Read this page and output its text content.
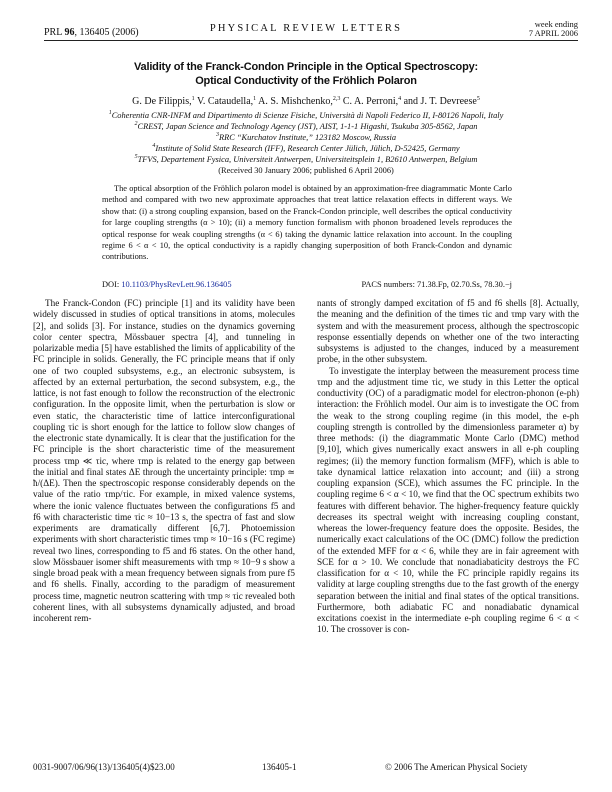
PRL 96, 136405 (2006)	PHYSICAL REVIEW LETTERS	week ending
7 APRIL 2006
Validity of the Franck-Condon Principle in the Optical Spectroscopy:
Optical Conductivity of the Fröhlich Polaron
G. De Filippis,$^1$ V. Cataudella,$^1$ A. S. Mishchenko,$^{2,3}$ C. A. Perroni,$^4$ and J. T. Devreese$^5$
$^1$Coherentia CNR-INFM and Dipartimento di Scienze Fisiche, Università di Napoli Federico II, I-80126 Napoli, Italy
$^2$CREST, Japan Science and Technology Agency (JST), AIST, 1-1-1 Higashi, Tsukuba 305-8562, Japan
$^3$RRC “Kurchatov Institute,” 123182 Moscow, Russia
$^4$Institute of Solid State Research (IFF), Research Center Jülich, Jülich, D-52425, Germany
$^5$TFVS, Departement Fysica, Universiteit Antwerpen, Universiteitsplein 1, B2610 Antwerpen, Belgium
(Received 30 January 2006; published 6 April 2006)

The optical absorption of the Fröhlich polaron model is obtained by an approximation-free diagrammatic Monte Carlo method and compared with two new approximate approaches that treat lattice relaxation effects in different ways. We show that: (i) a strong coupling expansion, based on the Franck-Condon principle, well describes the optical conductivity for large coupling strengths (α > 10); (ii) a memory function formalism with phonon broadened levels reproduces the optical response for weak coupling strengths (α < 6) taking the dynamic lattice relaxation into account. In the coupling regime 6 < α < 10, the optical conductivity is a rapidly changing superposition of both Franck-Condon and dynamic contributions.

DOI: 10.1103/PhysRevLett.96.136405	PACS numbers: 71.38.Fp, 02.70.Ss, 78.30.−j

The Franck-Condon (FC) principle [1] and its validity have been widely discussed in studies of optical transitions in atoms, molecules [2], and solids [3]. For instance, studies on the dynamics governing color center spectra, Mössbauer spectra [4], and tunneling in polarizable media [5] have established the limits of applicability of the FC principle in solids. Generally, the FC principle means that if only one of two coupled subsystems, e.g., an electronic subsystem, is affected by an external perturbation, the second subsystem, e.g., the lattice, is not fast enough to follow the reconstruction of the electronic configuration. In the opposite limit, when the perturbation is slow or even static, the characteristic time of lattice interconfigurational coupling τic is short enough for the lattice to follow slow changes of the electronic state dynamically. It is clear that the justification for the FC principle is the short characteristic time of the measurement process τmp ≪ τic, where τmp is related to the energy gap between the initial and final states ΔE through the uncertainty principle: τmp ≃ ħ/(ΔE). Then the spectroscopic response considerably depends on the value of the ratio τmp/τic. For example, in mixed valence systems, where the ionic valence fluctuates between the configurations f5 and f6 with characteristic time τic ≈ 10−13 s, the spectra of fast and slow experiments are dramatically different [6,7]. Photoemission experiments with short characteristic times τmp ≈ 10−16 s (FC regime) reveal two lines, corresponding to f5 and f6 states. On the other hand, slow Mössbauer isomer shift measurements with τmp ≈ 10−9 s show a single broad peak with a mean frequency between signals from pure f5 and f6 shells. Finally, according to the paradigm of measurement process time, magnetic neutron scattering with τmp ≈ τic revealed both coherent lines, with all subsystems dynamically adjusted, and broad incoherent rem-

nants of strongly damped excitation of f5 and f6 shells [8]. Actually, the meaning and the definition of the times τic and τmp vary with the system and with the measurement process, although the spectroscopic response essentially depends on whether one of the two interacting subsystems is adjusted to the changes, induced by a measurement probe, in the other subsystem.

To investigate the interplay between the measurement process time τmp and the adjustment time τic, we study in this Letter the optical conductivity (OC) of a paradigmatic model for electron-phonon (e-ph) interaction: the Fröhlich model. Our aim is to investigate the OC from the weak to the strong coupling regime (in this model, the e-ph coupling strength is controlled by the dimensionless parameter α) by three methods: (i) the diagrammatic Monte Carlo (DMC) method [9,10], which gives numerically exact answers in all e-ph coupling regimes; (ii) the memory function formalism (MFF), which is able to take dynamical lattice relaxation into account; and (iii) a strong coupling expansion (SCE), which assumes the FC principle. In the coupling regime 6 < α < 10, we find that the OC spectrum exhibits two features with different behavior. The higher-frequency feature quickly decreases its spectral weight with increasing coupling constant, whereas the lower-frequency feature does the opposite. Besides, the numerically exact calculations of the OC (DMC) follow the prediction of the extended MFF for α < 6, while they are in fair agreement with SCE for α > 10. We conclude that nonadiabaticity destroys the FC classification for α < 10, while the FC principle rapidly regains its validity at large coupling strengths due to the fast growth of the energy separation between the initial and final states of the optical transitions. Furthermore, both adiabatic FC and nonadiabatic dynamical excitations coexist in the intermediate e-ph coupling regime 6 < α < 10. The crossover is con-

0031-9007/06/96(13)/136405(4)$23.00	136405-1	© 2006 The American Physical Society
